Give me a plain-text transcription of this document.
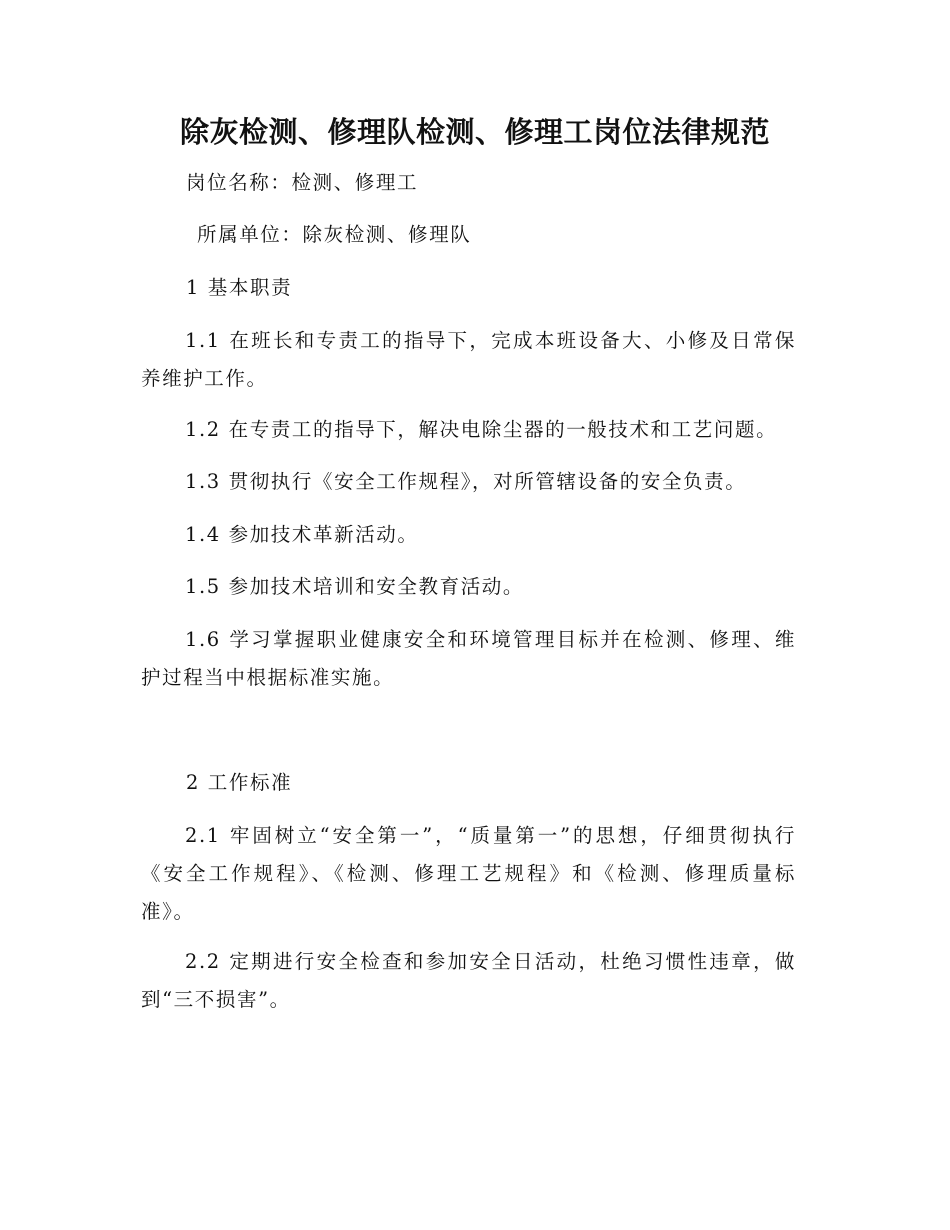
除灰检测、修理队检测、修理工岗位法律规范

岗位名称：检测、修理工

所属单位：除灰检测、修理队

1 基本职责

1.1 在班长和专责工的指导下，完成本班设备大、小修及日常保养维护工作。

1.2 在专责工的指导下，解决电除尘器的一般技术和工艺问题。

1.3 贯彻执行《安全工作规程》，对所管辖设备的安全负责。

1.4 参加技术革新活动。

1.5 参加技术培训和安全教育活动。

1.6 学习掌握职业健康安全和环境管理目标并在检测、修理、维护过程当中根据标准实施。

2 工作标准

2.1 牢固树立“安全第一”，“质量第一”的思想，仔细贯彻执行《安全工作规程》、《检测、修理工艺规程》和《检测、修理质量标准》。

2.2 定期进行安全检查和参加安全日活动，杜绝习惯性违章，做到“三不损害”。
